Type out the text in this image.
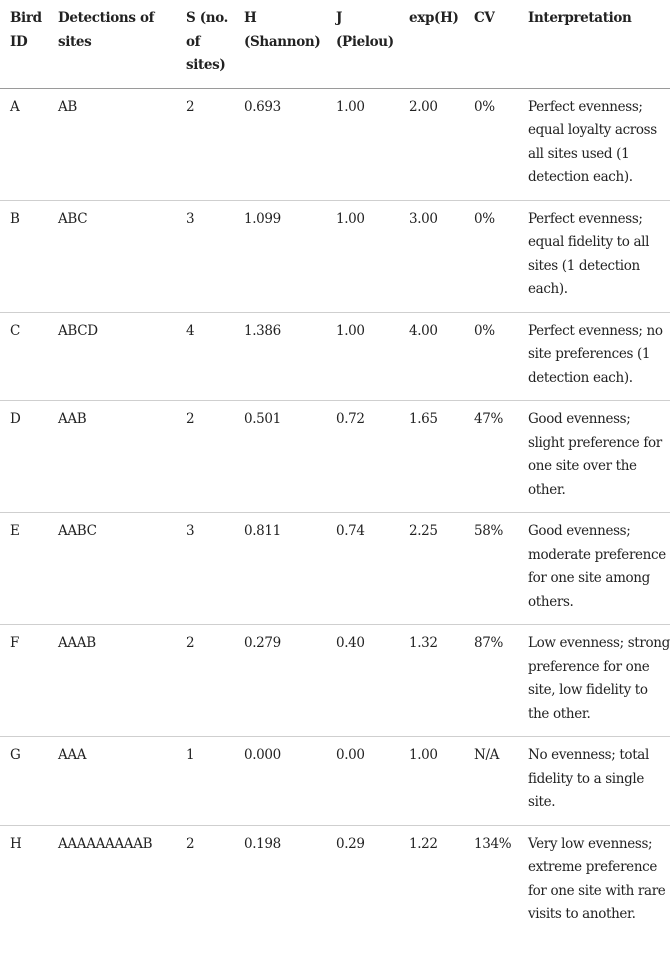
Bird ID	Detections of sites	S (no. of sites)	H (Shannon)	J (Pielou)	exp(H)	CV	Interpretation
A	AB	2	0.693	1.00	2.00	0%	Perfect evenness; equal loyalty across all sites used (1 detection each).
B	ABC	3	1.099	1.00	3.00	0%	Perfect evenness; equal fidelity to all sites (1 detection each).
C	ABCD	4	1.386	1.00	4.00	0%	Perfect evenness; no site preferences (1 detection each).
D	AAB	2	0.501	0.72	1.65	47%	Good evenness; slight preference for one site over the other.
E	AABC	3	0.811	0.74	2.25	58%	Good evenness; moderate preference for one site among others.
F	AAAB	2	0.279	0.40	1.32	87%	Low evenness; strong preference for one site, low fidelity to the other.
G	AAA	1	0.000	0.00	1.00	N/A	No evenness; total fidelity to a single site.
H	AAAAAAAAAB	2	0.198	0.29	1.22	134%	Very low evenness; extreme preference for one site with rare visits to another.
